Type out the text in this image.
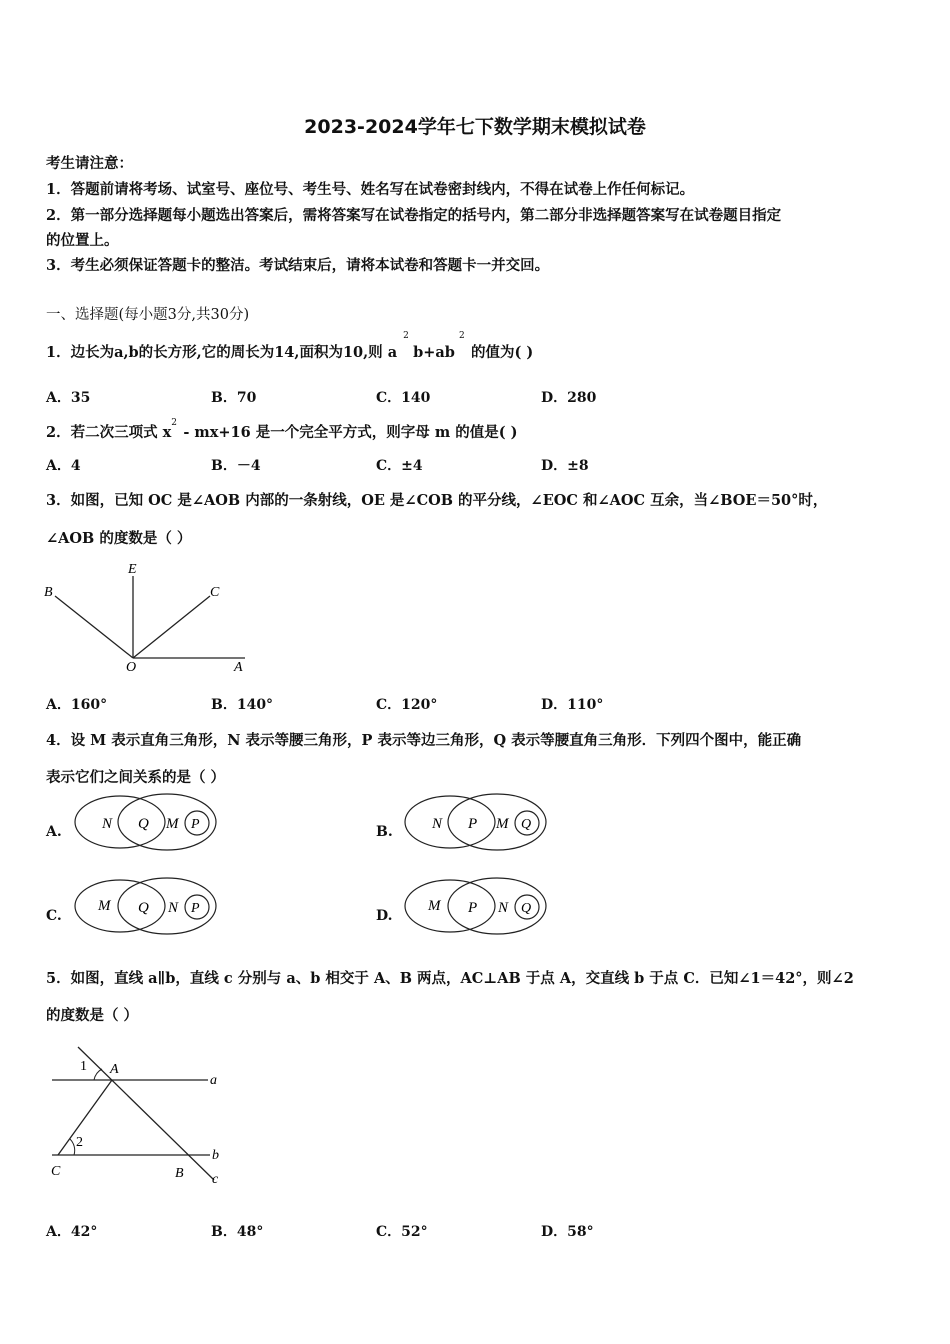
2023-2024学年七下数学期末模拟试卷
考生请注意：
1．答题前请将考场、试室号、座位号、考生号、姓名写在试卷密封线内，不得在试卷上作任何标记。
2．第一部分选择题每小题选出答案后，需将答案写在试卷指定的括号内，第二部分非选择题答案写在试卷题目指定
的位置上。
3．考生必须保证答题卡的整洁。考试结束后，请将本试卷和答题卡一并交回。
一、选择题(每小题3分,共30分)
1．边长为a,b的长方形,它的周长为14,面积为10,则 a
2
b+ab
2
的值为( )
A．35	B．70	C．140	D．280
2．若二次三项式 x
2
- mx+16 是一个完全平方式，则字母 m 的值是( )
A．4	B．－4	C．±4	D．±8
3．如图，已知 OC 是∠AOB 内部的一条射线，OE 是∠COB 的平分线，∠EOC 和∠AOC 互余，当∠BOE＝50°时，
∠AOB 的度数是（ ）
E
C
B
O	A
A．160°	B．140°	C．120°	D．110°
4．设 M 表示直角三角形，N 表示等腰三角形，P 表示等边三角形，Q 表示等腰直角三角形．下列四个图中，能正确
表示它们之间关系的是（ ）
A.	N Q M P	B.	N P M Q
C.
M Q N P	D.
M P N Q
5．如图，直线 a∥b，直线 c 分别与 a、b 相交于 A、B 两点，AC⊥AB 于点 A，交直线 b 于点 C．已知∠1＝42°，则∠2
的度数是（ ）
1 A
a
2
b
C	B c
A．42°	B．48°	C．52°	D．58°
